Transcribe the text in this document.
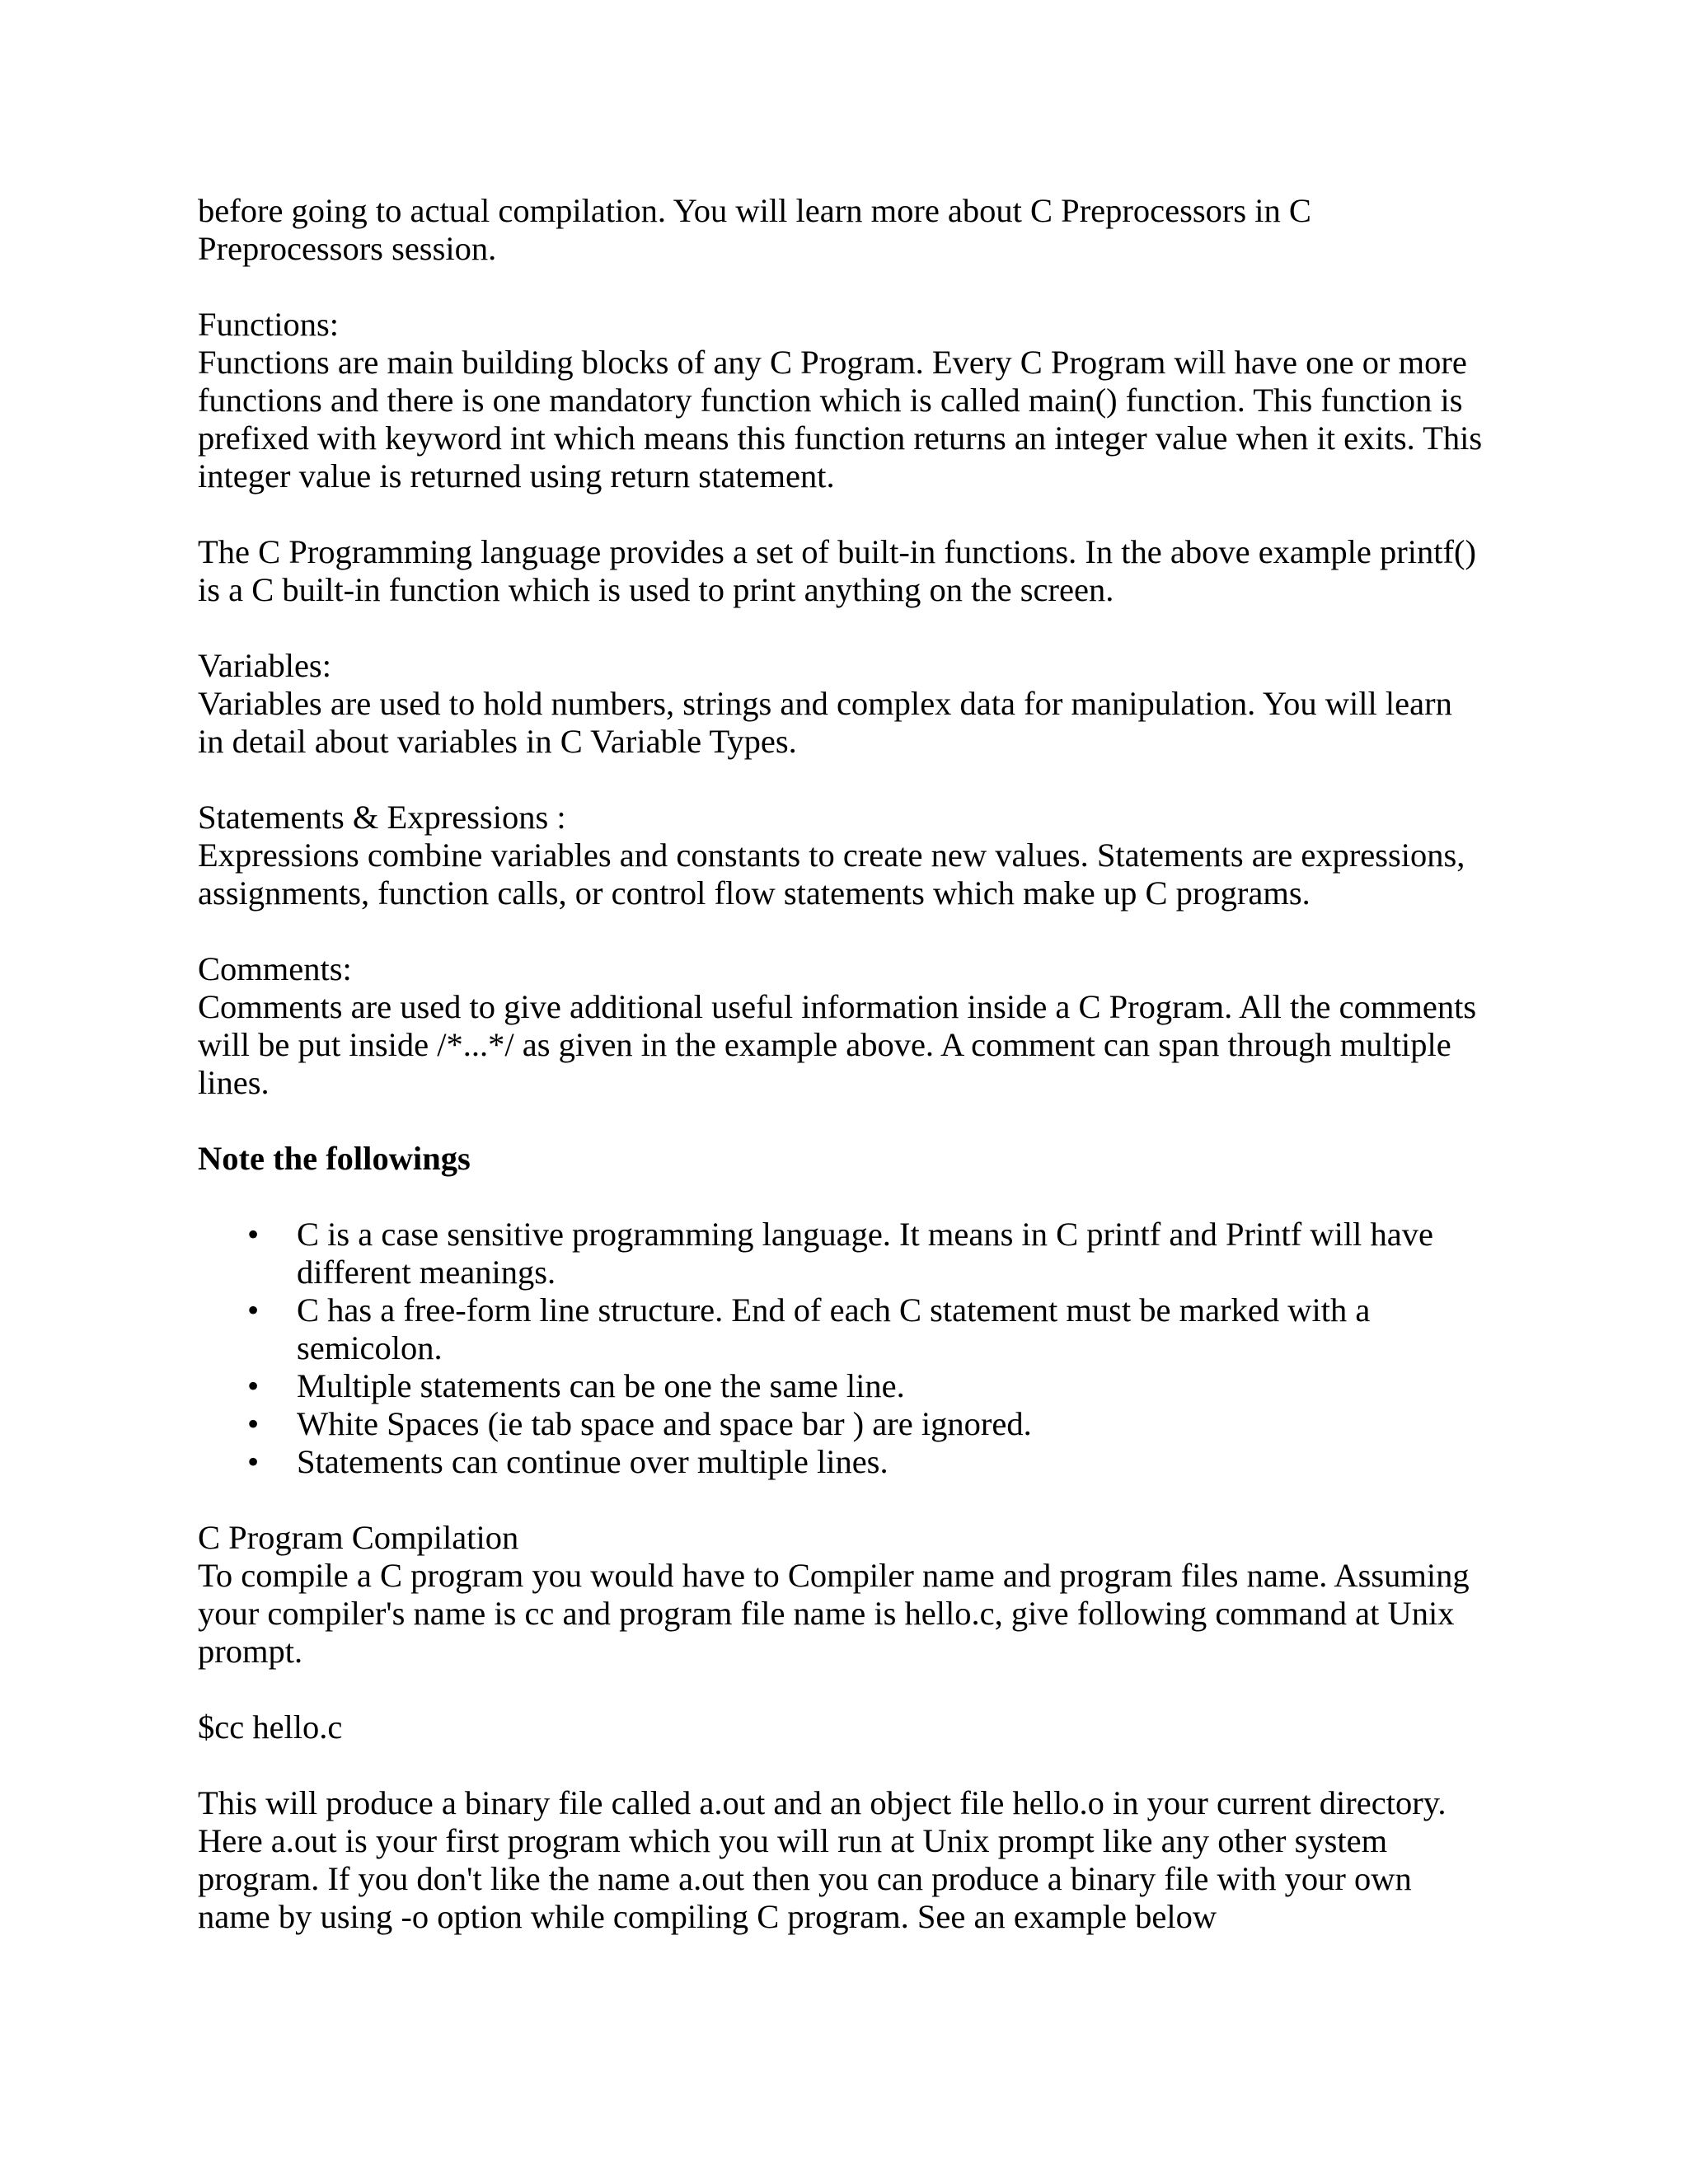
before going to actual compilation. You will learn more about C Preprocessors in C Preprocessors session.

Functions:

Functions are main building blocks of any C Program. Every C Program will have one or more functions and there is one mandatory function which is called main() function. This function is prefixed with keyword int which means this function returns an integer value when it exits. This integer value is returned using return statement.

The C Programming language provides a set of built-in functions. In the above example printf() is a C built-in function which is used to print anything on the screen.

Variables:

Variables are used to hold numbers, strings and complex data for manipulation. You will learn in detail about variables in C Variable Types.

Statements & Expressions :

Expressions combine variables and constants to create new values. Statements are expressions, assignments, function calls, or control flow statements which make up C programs.

Comments:

Comments are used to give additional useful information inside a C Program. All the comments will be put inside /*...*/ as given in the example above. A comment can span through multiple lines.

Note the followings

• C is a case sensitive programming language. It means in C printf and Printf will have different meanings.
• C has a free-form line structure. End of each C statement must be marked with a semicolon.
• Multiple statements can be one the same line.
• White Spaces (ie tab space and space bar ) are ignored.
• Statements can continue over multiple lines.

C Program Compilation

To compile a C program you would have to Compiler name and program files name. Assuming your compiler's name is cc and program file name is hello.c, give following command at Unix prompt.

$cc hello.c

This will produce a binary file called a.out and an object file hello.o in your current directory. Here a.out is your first program which you will run at Unix prompt like any other system program. If you don't like the name a.out then you can produce a binary file with your own name by using -o option while compiling C program. See an example below
